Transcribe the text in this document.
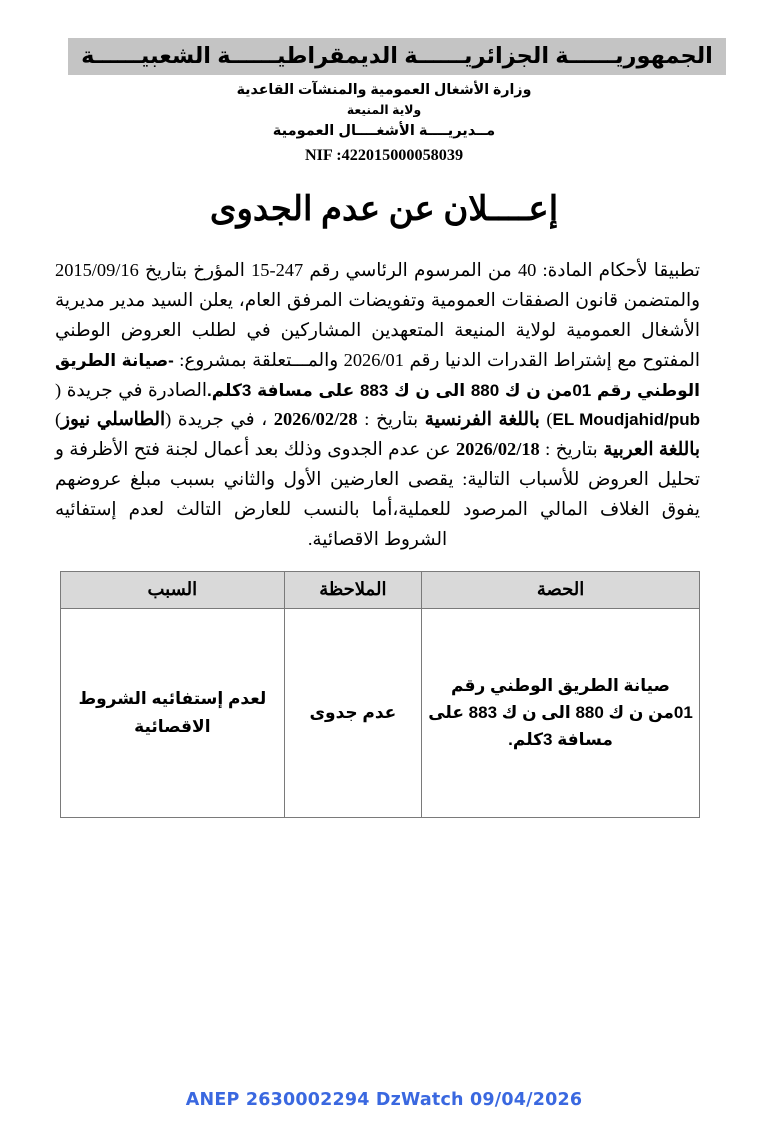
الجمهوريــــــة الجزائريــــــة الديمقراطيــــــة الشعبيــــــة
وزارة الأشغال العمومية والمنشآت القاعدية
ولاية المنيعة
مــديريــــة الأشغــــال العمومية
NIF :422015000058039
إعــــلان عن عدم الجدوى
تطبيقا لأحكام المادة: 40 من المرسوم الرئاسي رقم 247-15 المؤرخ بتاريخ 2015/09/16 والمتضمن قانون الصفقات العمومية وتفويضات المرفق العام، يعلن السيد مدير مديرية الأشغال العمومية لولاية المنيعة المتعهدين المشاركين في لطلب العروض الوطني المفتوح مع إشتراط القدرات الدنيا رقم 2026/01 والمـــتعلقة بمشروع: -صيانة الطريق الوطني رقم 01من ن ك 880 الى ن ك 883 على مسافة 3كلم.الصادرة في جريدة (EL Moudjahid/pub) باللغة الفرنسية بتاريخ : 2026/02/28 ، في جريدة (الطاسلي نيوز) باللغة العربية بتاريخ : 2026/02/18 عن عدم الجدوى وذلك بعد أعمال لجنة فتح الأظرفة و تحليل العروض للأسباب التالية: يقصى العارضين الأول والثاني بسبب مبلغ عروضهم يفوق الغلاف المالي المرصود للعملية،أما بالنسب للعارض التالث لعدم إستفائيه الشروط الاقصائية.
الحصة	الملاحظة	السبب
صيانة الطريق الوطني رقم 01من ن ك 880 الى ن ك 883 على مسافة 3كلم.	عدم جدوى	لعدم إستفائيه الشروط الاقصائية
ANEP 2630002294 DzWatch 09/04/2026
